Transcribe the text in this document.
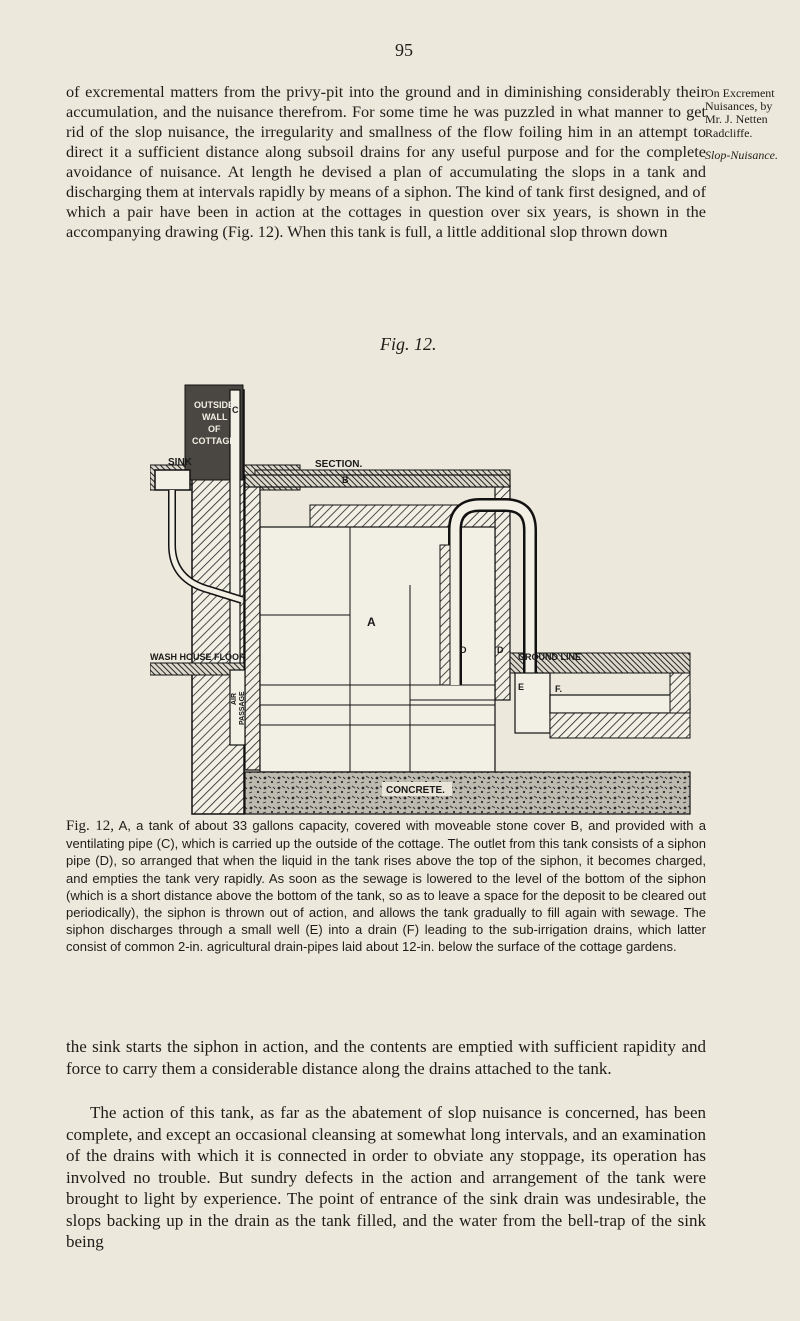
95
On Excrement
Nuisances, by
Mr. J. Netten
Radcliffe.
Slop-Nuisance.
of excremental matters from the privy-pit into the ground and in diminishing considerably their accumulation, and the nuisance therefrom. For some time he was puzzled in what manner to get rid of the slop nuisance, the irregularity and smallness of the flow foiling him in an attempt to direct it a sufficient distance along subsoil drains for any useful purpose and for the complete avoidance of nuisance. At length he devised a plan of accumulating the slops in a tank and discharging them at intervals rapidly by means of a siphon. The kind of tank first designed, and of which a pair have been in action at the cottages in question over six years, is shown in the accompanying drawing (Fig. 12). When this tank is full, a little additional slop thrown down
Fig. 12.
SINK
OUTSIDE
WALL
OF
COTTAGE
C
SECTION.
B
A
D	D
GROUND LINE
WASH HOUSE FLOOR
AIR PASSAGE
E	F.
CONCRETE.
Fig. 12, A, a tank of about 33 gallons capacity, covered with moveable stone cover B, and provided with a ventilating pipe (C), which is carried up the outside of the cottage. The outlet from this tank consists of a siphon pipe (D), so arranged that when the liquid in the tank rises above the top of the siphon, it becomes charged, and empties the tank very rapidly. As soon as the sewage is lowered to the level of the bottom of the siphon (which is a short distance above the bottom of the tank, so as to leave a space for the deposit to be cleared out periodically), the siphon is thrown out of action, and allows the tank gradually to fill again with sewage. The siphon discharges through a small well (E) into a drain (F) leading to the sub-irrigation drains, which latter consist of common 2-in. agricultural drain-pipes laid about 12-in. below the surface of the cottage gardens.
the sink starts the siphon in action, and the contents are emptied with sufficient rapidity and force to carry them a considerable distance along the drains attached to the tank.
The action of this tank, as far as the abatement of slop nuisance is concerned, has been complete, and except an occasional cleansing at somewhat long intervals, and an examination of the drains with which it is connected in order to obviate any stoppage, its operation has involved no trouble. But sundry defects in the action and arrangement of the tank were brought to light by experience. The point of entrance of the sink drain was undesirable, the slops backing up in the drain as the tank filled, and the water from the bell-trap of the sink being
